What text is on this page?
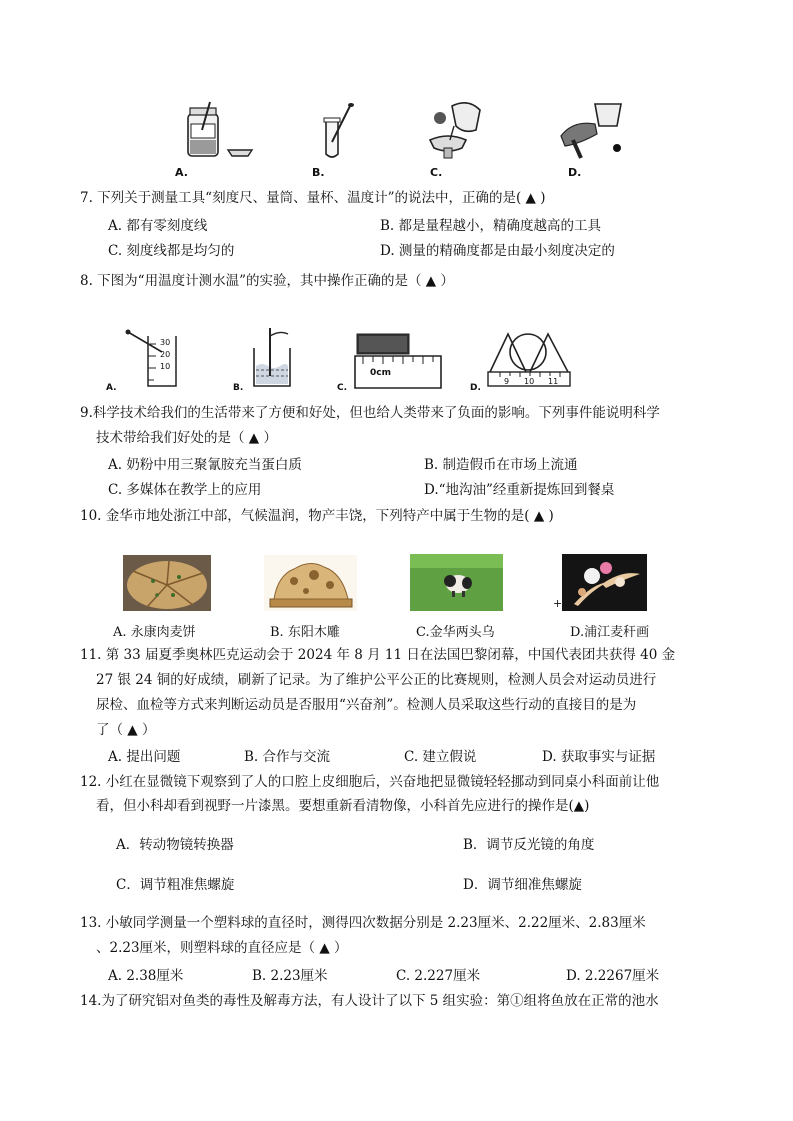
A.	B.	C.	D.
7. 下列关于测量工具“刻度尺、量筒、量杯、温度计”的说法中，正确的是( ▲ )
A. 都有零刻度线	B. 都是量程越小，精确度越高的工具
C. 刻度线都是均匀的	D. 测量的精确度都是由最小刻度决定的
8. 下图为“用温度计测水温”的实验，其中操作正确的是（ ▲ ）
30
20
10
0cm
9 10 11
A.	B.	C.	D.
9.科学技术给我们的生活带来了方便和好处，但也给人类带来了负面的影响。下列事件能说明科学
技术带给我们好处的是（ ▲ ）
A. 奶粉中用三聚氰胺充当蛋白质	B. 制造假币在市场上流通
C. 多媒体在教学上的应用	D.“地沟油”经重新提炼回到餐桌
10. 金华市地处浙江中部，气候温润，物产丰饶，下列特产中属于生物的是( ▲ )
+
A. 永康肉麦饼	B. 东阳木雕	C.金华两头乌	D.浦江麦秆画
11. 第 33 届夏季奥林匹克运动会于 2024 年 8 月 11 日在法国巴黎闭幕，中国代表团共获得 40 金
27 银 24 铜的好成绩，刷新了记录。为了维护公平公正的比赛规则，检测人员会对运动员进行
尿检、血检等方式来判断运动员是否服用“兴奋剂”。检测人员采取这些行动的直接目的是为
了（ ▲ ）
A. 提出问题	B. 合作与交流	C. 建立假说	D. 获取事实与证据
12. 小红在显微镜下观察到了人的口腔上皮细胞后，兴奋地把显微镜轻轻挪动到同桌小科面前让他
看，但小科却看到视野一片漆黑。要想重新看清物像，小科首先应进行的操作是(▲)
A．转动物镜转换器	B．调节反光镜的角度
C．调节粗准焦螺旋	D．调节细准焦螺旋
13. 小敏同学测量一个塑料球的直径时，测得四次数据分别是 2.23厘米、2.22厘米、2.83厘米
、2.23厘米，则塑料球的直径应是（ ▲ ）
A. 2.38厘米	B. 2.23厘米	C. 2.227厘米	D. 2.2267厘米
14.为了研究铝对鱼类的毒性及解毒方法，有人设计了以下 5 组实验：第①组将鱼放在正常的池水
